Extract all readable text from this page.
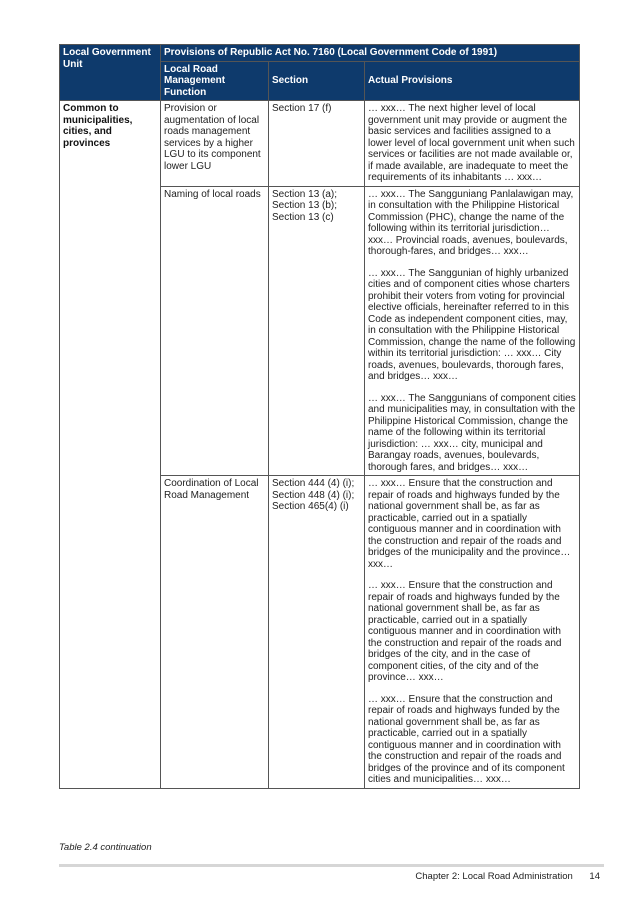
Local Government Unit	Provisions of Republic Act No. 7160 (Local Government Code of 1991)		
	Local Road Management Function	Section	Actual Provisions
Common to municipalities, cities, and provinces	Provision or augmentation of local roads management services by a higher LGU to its component lower LGU	Section 17 (f)	… xxx… The next higher level of local government unit may provide or augment the basic services and facilities assigned to a lower level of local government unit when such services or facilities are not made available or, if made available, are inadequate to meet the requirements of its inhabitants … xxx…

	Naming of local roads	Section 13 (a); Section 13 (b); Section 13 (c)	… xxx… The Sangguniang Panlalawigan may, in consultation with the Philippine Historical Commission (PHC), change the name of the following within its territorial jurisdiction… xxx… Provincial roads, avenues, boulevards, thorough-fares, and bridges… xxx…

… xxx… The Sanggunian of highly urbanized cities and of component cities whose charters prohibit their voters from voting for provincial elective officials, hereinafter referred to in this Code as independent component cities, may, in consultation with the Philippine Historical Commission, change the name of the following within its territorial jurisdiction: … xxx… City roads, avenues, boulevards, thorough fares, and bridges… xxx…

… xxx… The Sanggunians of component cities and municipalities may, in consultation with the Philippine Historical Commission, change the name of the following within its territorial jurisdiction: … xxx… city, municipal and Barangay roads, avenues, boulevards, thorough fares, and bridges… xxx…

	Coordination of Local Road Management	Section 444 (4) (i); Section 448 (4) (i); Section 465(4) (i)	… xxx… Ensure that the construction and repair of roads and highways funded by the national government shall be, as far as practicable, carried out in a spatially contiguous manner and in coordination with the construction and repair of the roads and bridges of the municipality and the province… xxx…

… xxx… Ensure that the construction and repair of roads and highways funded by the national government shall be, as far as practicable, carried out in a spatially contiguous manner and in coordination with the construction and repair of the roads and bridges of the city, and in the case of component cities, of the city and of the province… xxx…

… xxx… Ensure that the construction and repair of roads and highways funded by the national government shall be, as far as practicable, carried out in a spatially contiguous manner and in coordination with the construction and repair of the roads and bridges of the province and of its component cities and municipalities… xxx…

Table 2.4 continuation
Chapter 2: Local Road Administration 14
